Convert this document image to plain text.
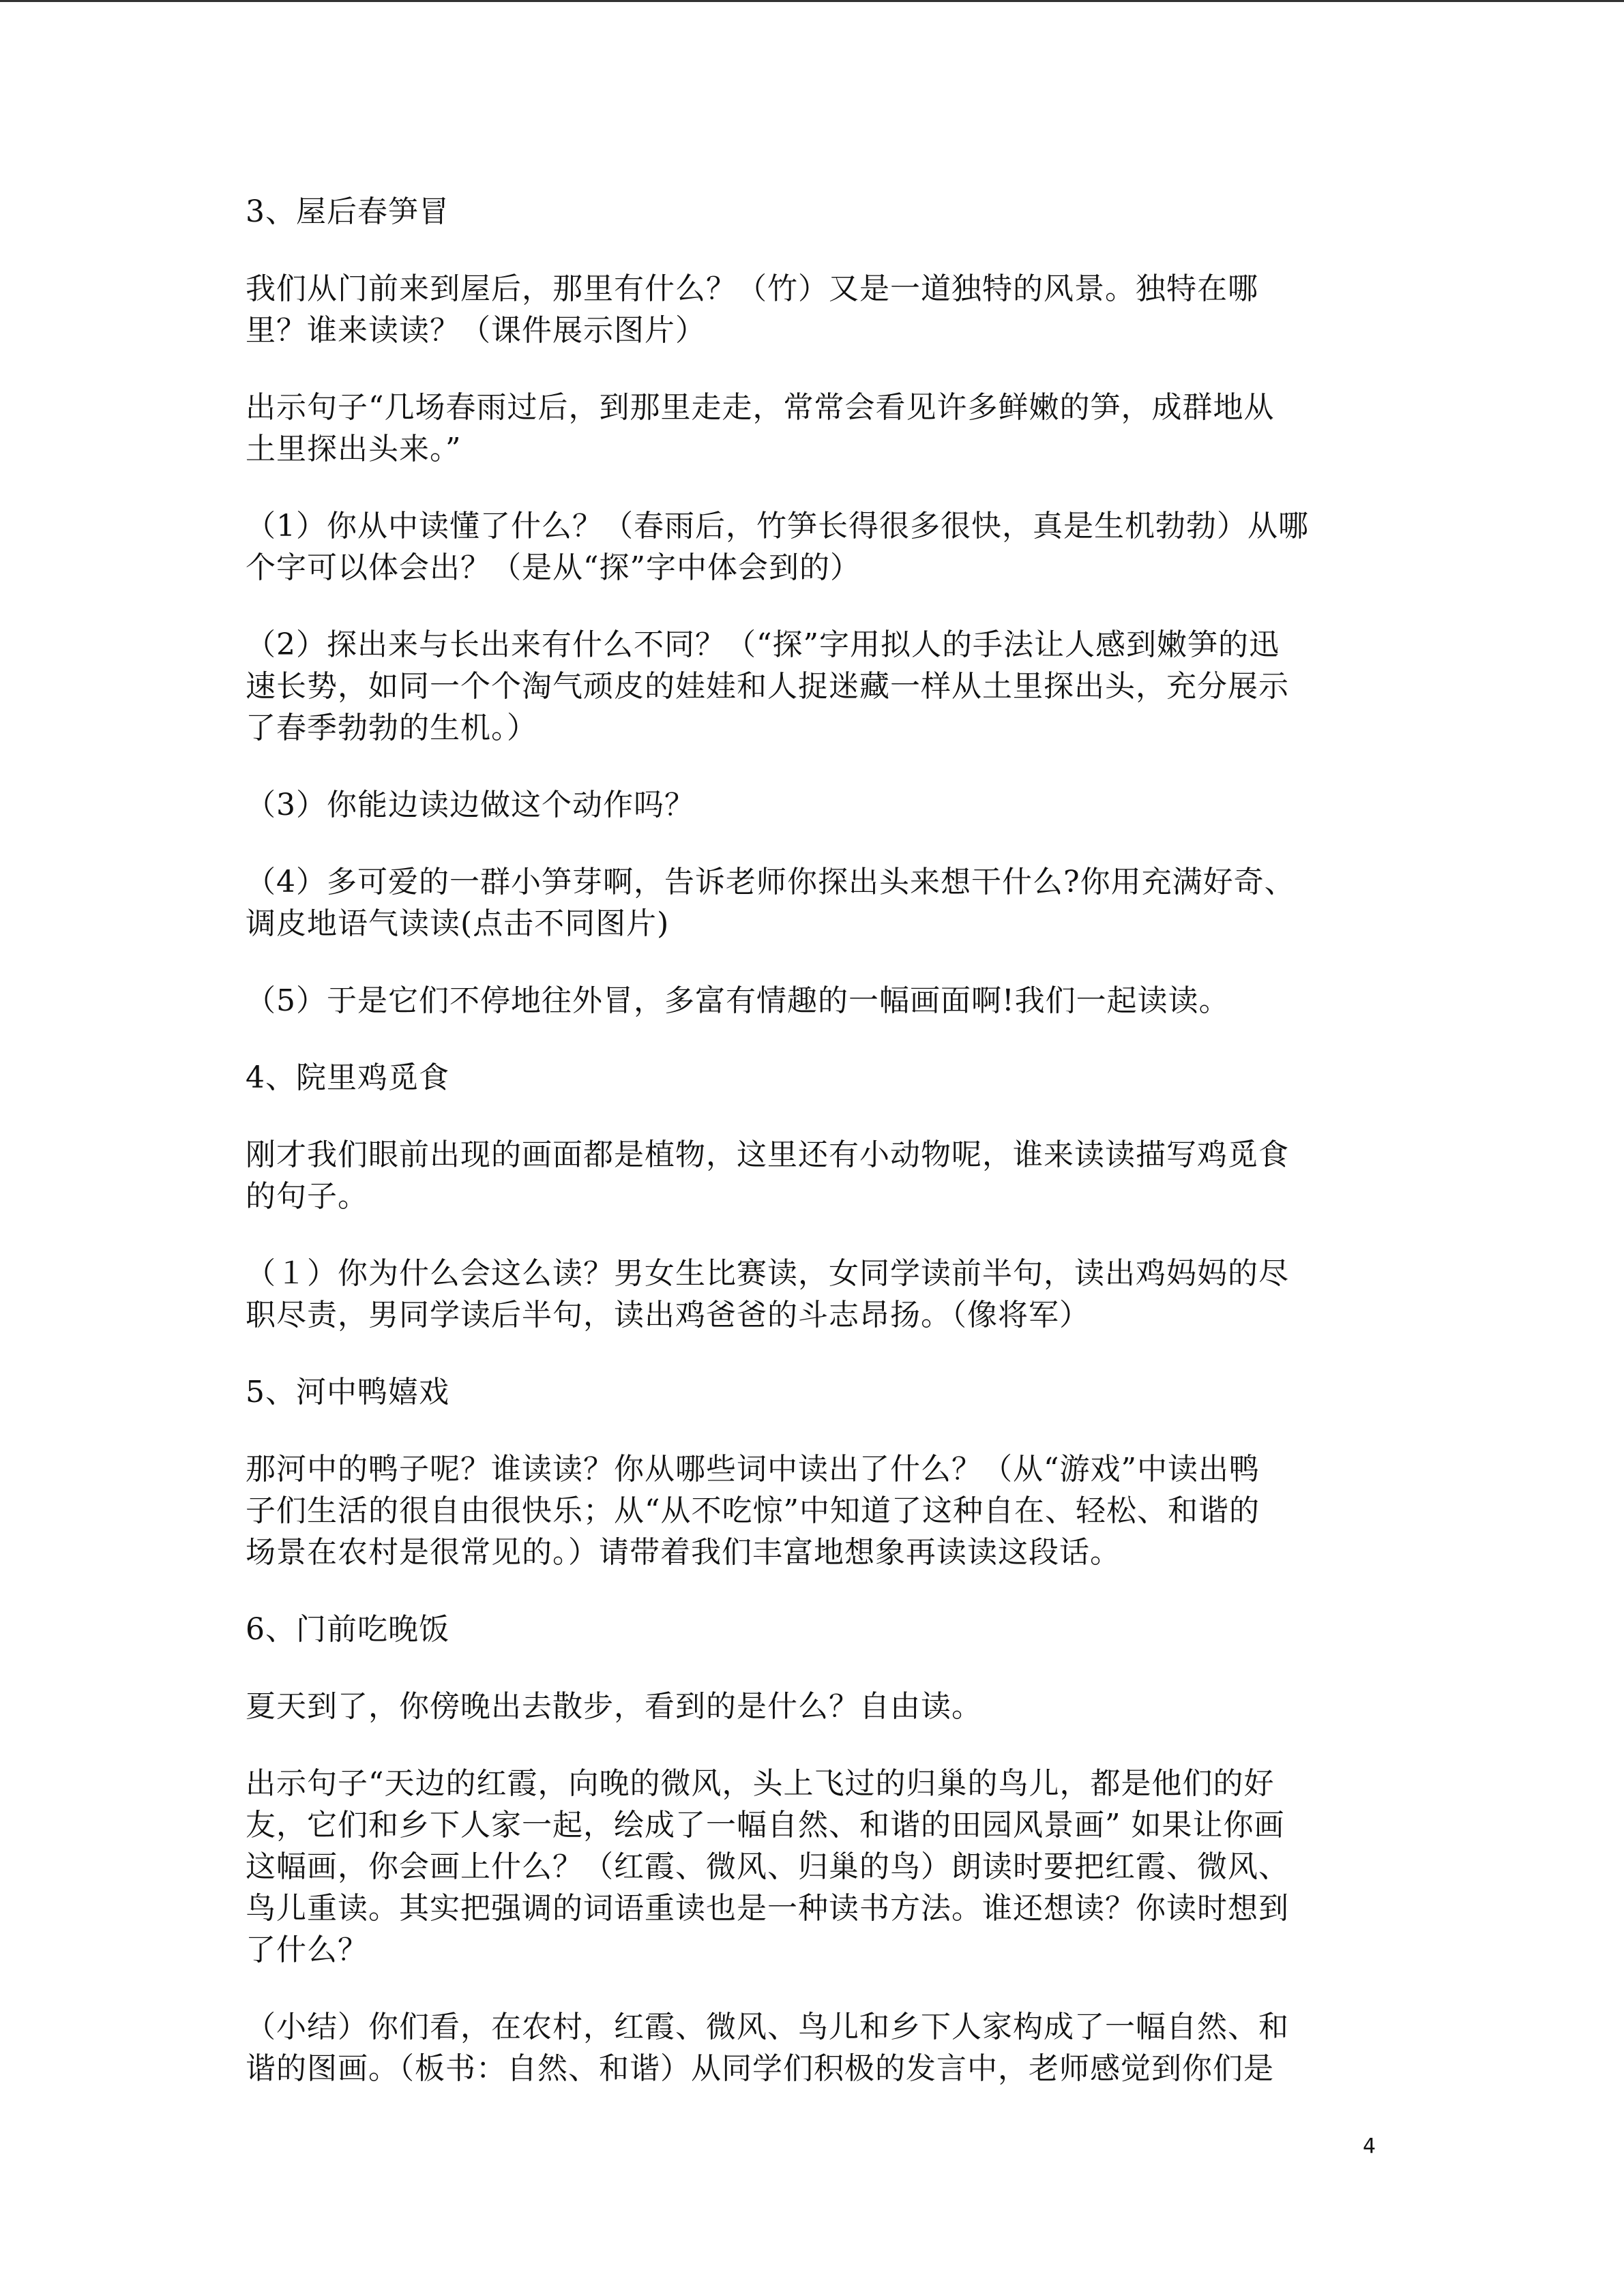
3、屋后春笋冒
我们从门前来到屋后，那里有什么？（竹）又是一道独特的风景。独特在哪
里？谁来读读？（课件展示图片）
出示句子“几场春雨过后，到那里走走，常常会看见许多鲜嫩的笋，成群地从
土里探出头来。”
（1）你从中读懂了什么？（春雨后，竹笋长得很多很快，真是生机勃勃）从哪
个字可以体会出？（是从“探”字中体会到的）
（2）探出来与长出来有什么不同？（“探”字用拟人的手法让人感到嫩笋的迅
速长势，如同一个个淘气顽皮的娃娃和人捉迷藏一样从土里探出头，充分展示
了春季勃勃的生机。）
（3）你能边读边做这个动作吗？
（4）多可爱的一群小笋芽啊，告诉老师你探出头来想干什么?你用充满好奇、
调皮地语气读读(点击不同图片)
（5）于是它们不停地往外冒，多富有情趣的一幅画面啊!我们一起读读。
4、院里鸡觅食
刚才我们眼前出现的画面都是植物，这里还有小动物呢，谁来读读描写鸡觅食
的句子。
（１）你为什么会这么读？男女生比赛读，女同学读前半句，读出鸡妈妈的尽
职尽责，男同学读后半句，读出鸡爸爸的斗志昂扬。（像将军）
5、河中鸭嬉戏
那河中的鸭子呢？谁读读？你从哪些词中读出了什么？（从“游戏”中读出鸭
子们生活的很自由很快乐；从“从不吃惊”中知道了这种自在、轻松、和谐的
场景在农村是很常见的。）请带着我们丰富地想象再读读这段话。
6、门前吃晚饭
夏天到了，你傍晚出去散步，看到的是什么？自由读。
出示句子“天边的红霞，向晚的微风，头上飞过的归巢的鸟儿，都是他们的好
友，它们和乡下人家一起，绘成了一幅自然、和谐的田园风景画” 如果让你画
这幅画，你会画上什么？（红霞、微风、归巢的鸟）朗读时要把红霞、微风、
鸟儿重读。其实把强调的词语重读也是一种读书方法。谁还想读？你读时想到
了什么？
（小结）你们看，在农村，红霞、微风、鸟儿和乡下人家构成了一幅自然、和
谐的图画。（板书：自然、和谐）从同学们积极的发言中，老师感觉到你们是
4
